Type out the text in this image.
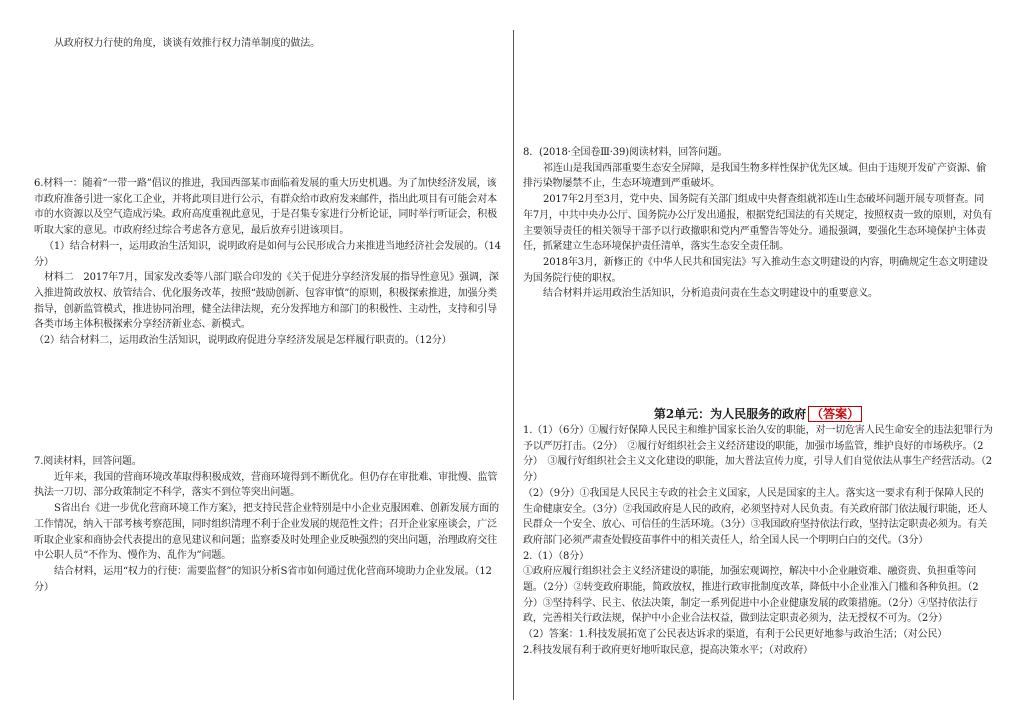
从政府权力行使的角度，谈谈有效推行权力清单制度的做法。

6.材料一：随着“一带一路”倡议的推进，我国西部某市面临着发展的重大历史机遇。为了加快经济发展，该市政府准备引进一家化工企业，并将此项目进行公示，有群众给市政府发来邮件，指出此项目有可能会对本市的水资源以及空气造成污染。政府高度重视此意见，于是召集专家进行分析论证，同时举行听证会，积极听取大家的意见。市政府经过综合考虑各方意见，最后放弃引进该项目。

（1）结合材料一，运用政治生活知识，说明政府是如何与公民形成合力来推进当地经济社会发展的。（14分）

材料二　2017年7月，国家发改委等八部门联合印发的《关于促进分享经济发展的指导性意见》强调，深入推进简政放权、放管结合、优化服务改革，按照“鼓励创新、包容审慎”的原则，积极探索推进，加强分类指导，创新监管模式，推进协同治理，健全法律法规，充分发挥地方和部门的积极性、主动性，支持和引导各类市场主体积极探索分享经济新业态、新模式。

（2）结合材料二，运用政治生活知识，说明政府促进分享经济发展是怎样履行职责的。（12分）

7.阅读材料，回答问题。

近年来，我国的营商环境改革取得积极成效，营商环境得到不断优化。但仍存在审批难、审批慢、监管执法一刀切、部分政策制定不科学，落实不到位等突出问题。

S省出台《进一步优化营商环境工作方案》，把支持民营企业特别是中小企业克服困难、创新发展方面的工作情况，纳入干部考核考察范围，同时组织清理不利于企业发展的规范性文件；召开企业家座谈会，广泛听取企业家和商协会代表提出的意见建议和问题；监察委及时处理企业反映强烈的突出问题，治理政府交往中公职人员“不作为、慢作为、乱作为”问题。

结合材料，运用“权力的行使：需要监督”的知识分析S省市如何通过优化营商环境助力企业发展。（12分）

8．(2018·全国卷Ⅲ·39)阅读材料，回答问题。

祁连山是我国西部重要生态安全屏障，是我国生物多样性保护优先区域。但由于违规开发矿产资源、偷排污染物屡禁不止，生态环境遭到严重破坏。

2017年2月至3月，党中央、国务院有关部门组成中央督查组就祁连山生态破坏问题开展专项督查。同年7月，中共中央办公厅、国务院办公厅发出通报，根据党纪国法的有关规定，按照权责一致的原则，对负有主要领导责任的相关领导干部予以行政撤职和党内严重警告等处分。通报强调，要强化生态环境保护主体责任，抓紧建立生态环境保护责任清单，落实生态安全责任制。

2018年3月，新修正的《中华人民共和国宪法》写入推动生态文明建设的内容，明确规定生态文明建设为国务院行使的职权。

结合材料并运用政治生活知识，分析追责问责在生态文明建设中的重要意义。

第2单元：为人民服务的政府 （答案）

1.（1）（6分）①履行好保障人民民主和维护国家长治久安的职能，对一切危害人民生命安全的违法犯罪行为予以严厉打击。（2分）　②履行好组织社会主义经济建设的职能，加强市场监管，维护良好的市场秩序。（2分）　③履行好组织社会主义文化建设的职能，加大普法宣传力度，引导人们自觉依法从事生产经营活动。（2分）

（2）（9分）①我国是人民民主专政的社会主义国家，人民是国家的主人。落实这一要求有利于保障人民的生命健康安全。（3分）②我国政府是人民的政府，必须坚持对人民负责。有关政府部门依法履行职能，还人民群众一个安全、放心、可信任的生活环境。（3分）③我国政府坚持依法行政，坚持法定职责必须为。有关政府部门必须严肃查处假疫苗事件中的相关责任人，给全国人民一个明明白白的交代。（3分）

2.（1）（8分）

①政府应履行组织社会主义经济建设的职能，加强宏观调控，解决中小企业融资难、融资贵、负担重等问题。（2分）②转变政府职能，简政放权，推进行政审批制度改革，降低中小企业准入门槛和各种负担。（2分）③坚持科学、民主、依法决策，制定一系列促进中小企业健康发展的政策措施。（2分）④坚持依法行政，完善相关行政法规，保护中小企业合法权益，做到法定职责必须为，法无授权不可为。（2分）

（2）答案：1.科技发展拓宽了公民表达诉求的渠道，有利于公民更好地参与政治生活；（对公民）

2.科技发展有利于政府更好地听取民意，提高决策水平；（对政府）
